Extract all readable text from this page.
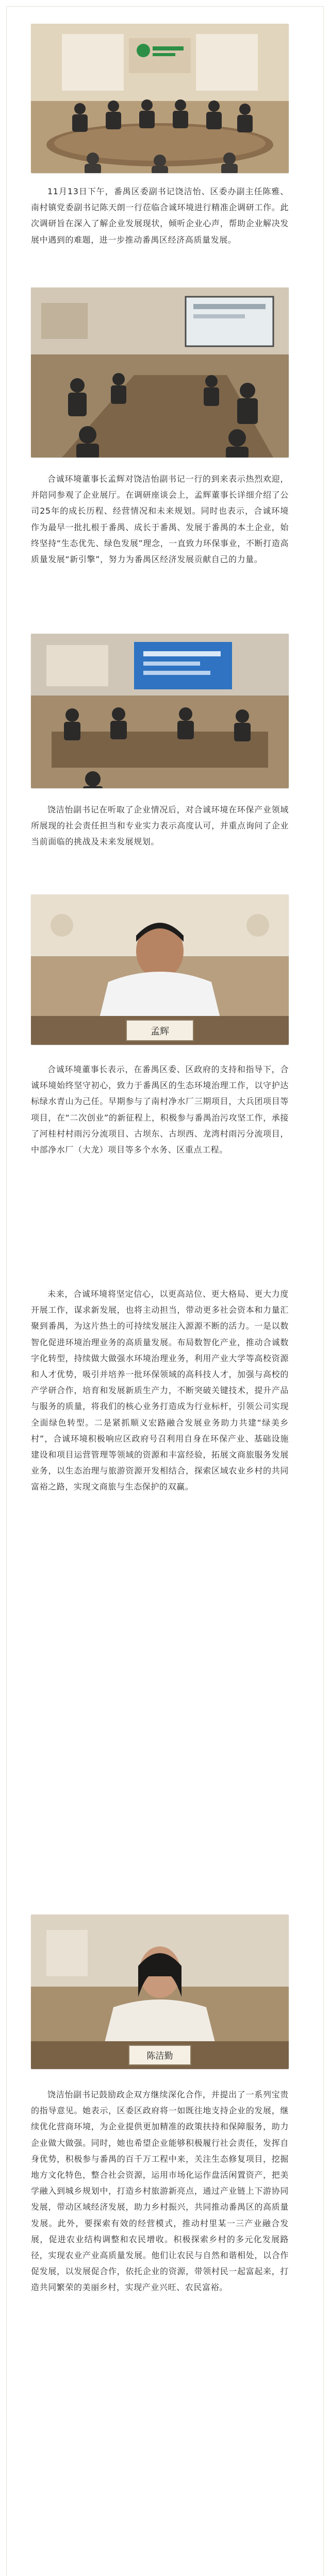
11月13日下午，番禺区委副书记饶洁怡、区委办副主任陈雅、南村镇党委副书记陈天朗一行莅临合诚环境进行精准企调研工作。此次调研旨在深入了解企业发展现状，倾听企业心声，帮助企业解决发展中遇到的难题，进一步推动番禺区经济高质量发展。

合诚环境董事长孟辉对饶洁怡副书记一行的到来表示热烈欢迎，并陪同参观了企业展厅。在调研座谈会上，孟辉董事长详细介绍了公司25年的成长历程、经营情况和未来规划。同时也表示，合诚环境作为最早一批扎根于番禺、成长于番禺、发展于番禺的本土企业，始终坚持“生态优先、绿色发展”理念，一直致力环保事业，不断打造高质量发展“新引擎”，努力为番禺区经济发展贡献自己的力量。

饶洁怡副书记在听取了企业情况后，对合诚环境在环保产业领域所展现的社会责任担当和专业实力表示高度认可，并重点询问了企业当前面临的挑战及未来发展规划。

孟辉

合诚环境董事长表示，在番禺区委、区政府的支持和指导下，合诚环境始终坚守初心，致力于番禺区的生态环境治理工作，以守护达标绿水青山为己任。早期参与了南村净水厂三期项目，大兵团项目等项目，在“二次创业”的新征程上，积极参与番禺治污攻坚工作，承接了河桂村村雨污分流项目、古坝东、古坝西、龙湾村雨污分流项目，中部净水厂（大龙）项目等多个水务、区重点工程。

未来，合诚环境将坚定信心，以更高站位、更大格局、更大力度开展工作，谋求新发展，也将主动担当，带动更多社会资本和力量汇聚到番禺，为这片热土的可持续发展注入源源不断的活力。一是以数智化促进环境治理业务的高质量发展。布局数智化产业，推动合诚数字化转型，持续做大做强水环境治理业务，利用产业大学等高校资源和人才优势，吸引并培养一批环保领域的高科技人才，加强与高校的产学研合作，培育和发展新质生产力，不断突破关键技术，提升产品与服务的质量，将我们的核心业务打造成为行业标杆，引领公司实现全面绿色转型。二是紧抓顺义宏路融合发展业务助力共建“绿美乡村”，合诚环境积极响应区政府号召利用自身在环保产业、基础设施建设和项目运营管理等领域的资源和丰富经验，拓展文商旅服务发展业务，以生态治理与旅游资源开发相结合，探索区域农业乡村的共同富裕之路，实现文商旅与生态保护的双赢。

陈洁勤

饶洁怡副书记鼓励政企双方继续深化合作，并提出了一系列宝贵的指导意见。她表示，区委区政府将一如既往地支持企业的发展，继续优化营商环境，为企业提供更加精准的政策扶持和保障服务，助力企业做大做强。同时，她也希望企业能够积极履行社会责任，发挥自身优势，积极参与番禺的百千万工程中来，关注生态修复项目，挖掘地方文化特色，整合社会资源，运用市场化运作盘活闲置资产，把美学融入到城乡规划中，打造乡村旅游新亮点，通过产业链上下游协同发展，带动区域经济发展，助力乡村振兴，共同推动番禺区的高质量发展。此外，要探索有效的经营模式，推动村里某一三产业融合发展，促进农业结构调整和农民增收。积极探索乡村的多元化发展路径，实现农业产业高质量发展。他们让农民与自然和谐相处，以合作促发展，以发展促合作，依托企业的资源，带领村民一起富起来，打造共同繁荣的美丽乡村，实现产业兴旺、农民富裕。
